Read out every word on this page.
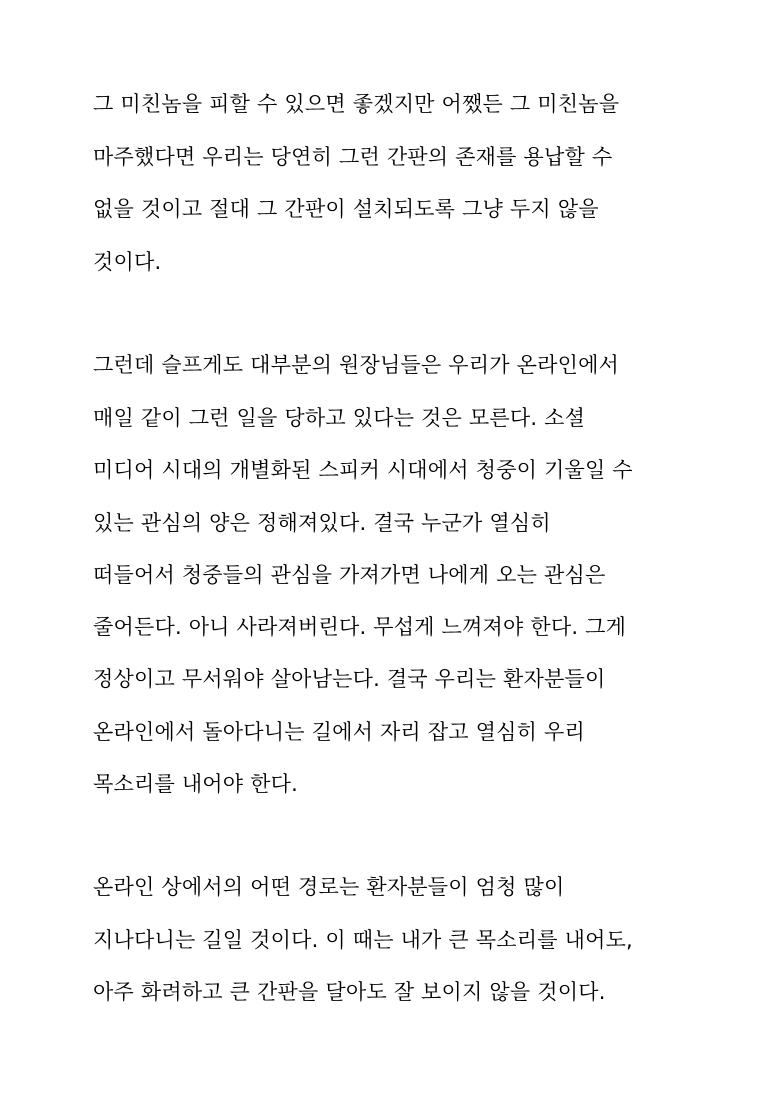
그 미친놈을 피할 수 있으면 좋겠지만 어쨌든 그 미친놈을
마주했다면 우리는 당연히 그런 간판의 존재를 용납할 수
없을 것이고 절대 그 간판이 설치되도록 그냥 두지 않을
것이다.
그런데 슬프게도 대부분의 원장님들은 우리가 온라인에서
매일 같이 그런 일을 당하고 있다는 것은 모른다. 소셜
미디어 시대의 개별화된 스피커 시대에서 청중이 기울일 수
있는 관심의 양은 정해져있다. 결국 누군가 열심히
떠들어서 청중들의 관심을 가져가면 나에게 오는 관심은
줄어든다. 아니 사라져버린다. 무섭게 느껴져야 한다. 그게
정상이고 무서워야 살아남는다. 결국 우리는 환자분들이
온라인에서 돌아다니는 길에서 자리 잡고 열심히 우리
목소리를 내어야 한다.
온라인 상에서의 어떤 경로는 환자분들이 엄청 많이
지나다니는 길일 것이다. 이 때는 내가 큰 목소리를 내어도,
아주 화려하고 큰 간판을 달아도 잘 보이지 않을 것이다.
